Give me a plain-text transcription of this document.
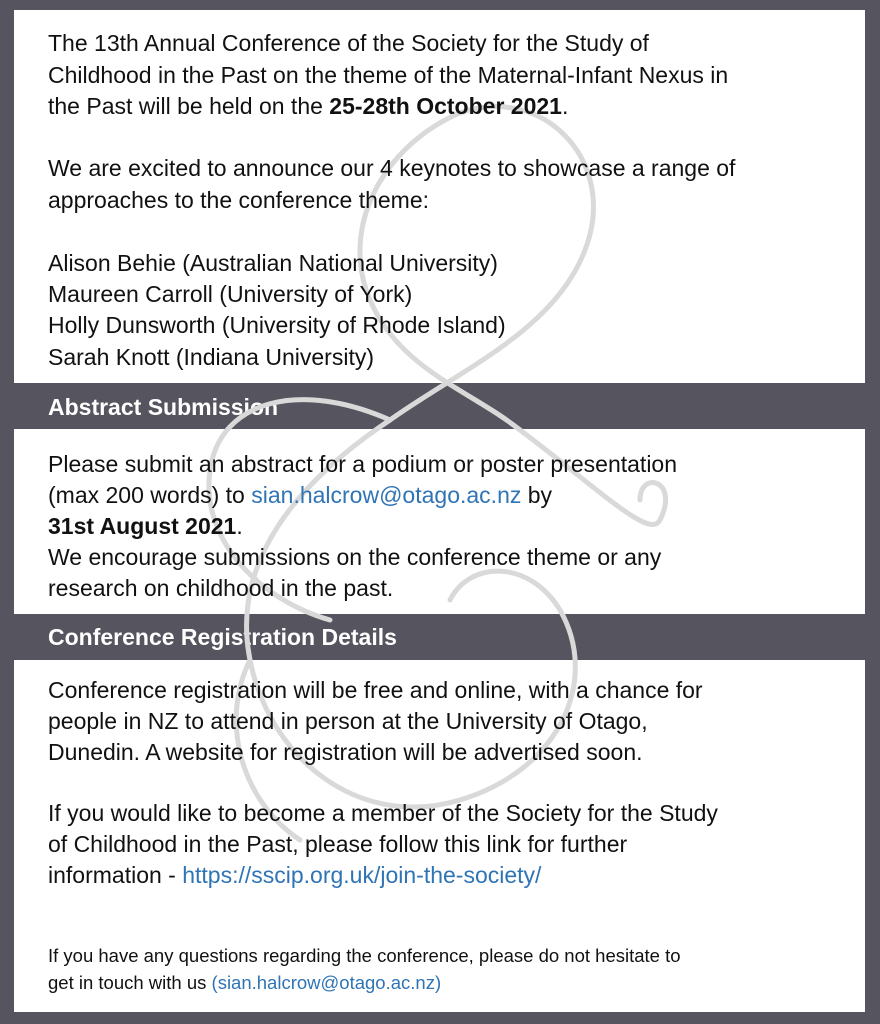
Abstract Submission
Conference Registration Details

The 13th Annual Conference of the Society for the Study of

Childhood in the Past on the theme of the Maternal-Infant Nexus in

the Past will be held on the 25-28th October 2021.

We are excited to announce our 4 keynotes to showcase a range of

approaches to the conference theme:

Alison Behie (Australian National University)

Maureen Carroll (University of York)

Holly Dunsworth (University of Rhode Island)

Sarah Knott (Indiana University)

Please submit an abstract for a podium or poster presentation

(max 200 words) to sian.halcrow@otago.ac.nz by

31st August 2021.

We encourage submissions on the conference theme or any

research on childhood in the past.

Conference registration will be free and online, with a chance for

people in NZ to attend in person at the University of Otago,

Dunedin. A website for registration will be advertised soon.

If you would like to become a member of the Society for the Study

of Childhood in the Past, please follow this link for further

information - https://sscip.org.uk/join-the-society/

If you have any questions regarding the conference, please do not hesitate to

get in touch with us (sian.halcrow@otago.ac.nz)
